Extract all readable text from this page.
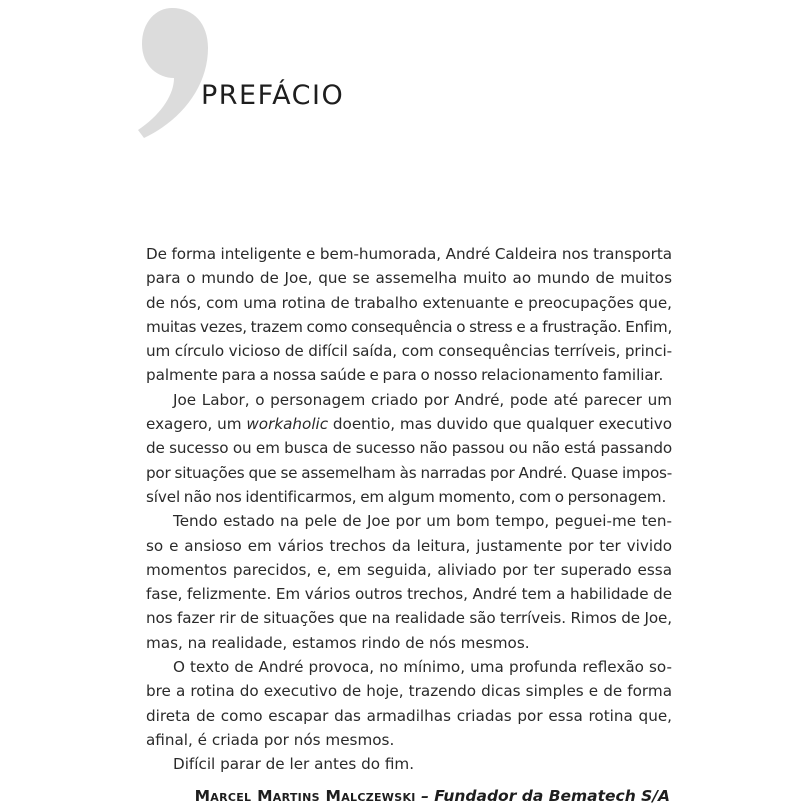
PREFÁCIO

De forma inteligente e bem-humorada, André Caldeira nos transporta
para o mundo de Joe, que se assemelha muito ao mundo de muitos
de nós, com uma rotina de trabalho extenuante e preocupações que,
muitas vezes, trazem como consequência o stress e a frustração. Enfim,
um círculo vicioso de difícil saída, com consequências terríveis, princi-
palmente para a nossa saúde e para o nosso relacionamento familiar.

Joe Labor, o personagem criado por André, pode até parecer um
exagero, um workaholic doentio, mas duvido que qualquer executivo
de sucesso ou em busca de sucesso não passou ou não está passando
por situações que se assemelham às narradas por André. Quase impos-
sível não nos identificarmos, em algum momento, com o personagem.

Tendo estado na pele de Joe por um bom tempo, peguei-me ten-
so e ansioso em vários trechos da leitura, justamente por ter vivido
momentos parecidos, e, em seguida, aliviado por ter superado essa
fase, felizmente. Em vários outros trechos, André tem a habilidade de
nos fazer rir de situações que na realidade são terríveis. Rimos de Joe,
mas, na realidade, estamos rindo de nós mesmos.

O texto de André provoca, no mínimo, uma profunda reflexão so-
bre a rotina do executivo de hoje, trazendo dicas simples e de forma
direta de como escapar das armadilhas criadas por essa rotina que,
afinal, é criada por nós mesmos.

Difícil parar de ler antes do fim.

Marcel Martins Malczewski – Fundador da Bematech S/A
